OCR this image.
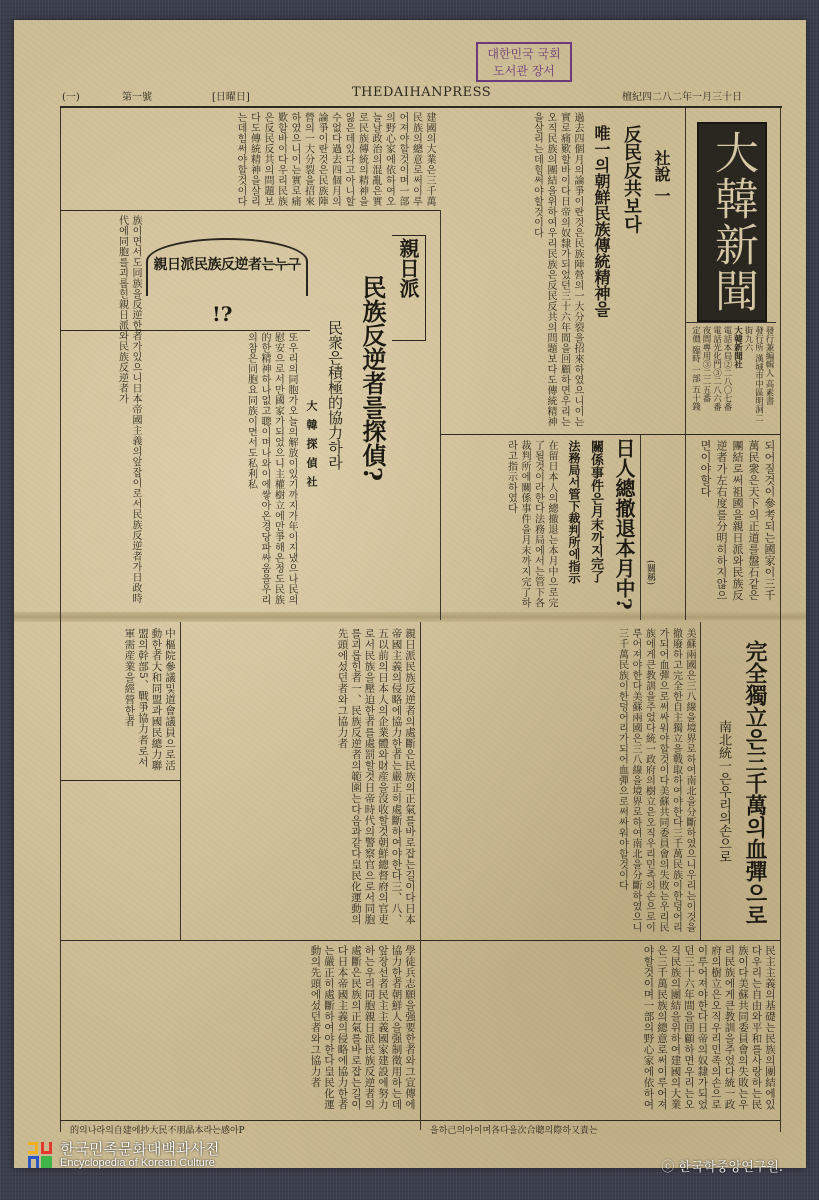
대한민국 국회
도서관 장서
(一)	第一號	[日曜日]	THEDAIHANPRESS	檀紀四二八二年一月三十日
大韓新聞
發行兼編輯人 高素書
發行所 漢城市中區明洞二街九六
大韓新聞社
電話本局②二八〇七番
電話光化門③二八六番
夜間專用③二二五番
定價 臨時 一部 五十錢
社說 一
反民反共보다
唯一의朝鮮民族傳統精神을
過去四個月의論爭이란것은民族陣營의一大分裂을招來하였으니이는實로痛歎할바이다日帝의奴隸가되었던三十六年間을回顧하면우리는오직民族의團結을위하여우리民族은反民反共의問題보다도傳統精神을살리는데힘써야할것이다
建國의大業은三千萬民族의總意로써이루어져야할것이며一部의野心家에依하여오늘날政治의混亂은實로民族傳統의精神을잃은데있다고아니할수없다過去四個月의論爭이란것은民族陣營의一大分裂을招來하였으니이는實로痛歎할바이다우리民族은反民反共의問題보다도傳統精神을살리는데힘써야할것이다
親日派民族反逆者는누구
!?
親日派
民族反逆者를探偵?
民衆은積極的協力하라
大韓探偵社
또우리의同胞가오늘의解放이있기까지가年이지냈으나民의慰安으로서만國家가되었으니主權樹立에만爭해온정도民族的한精神하나없고聰이며나와이에쌓아온경당파싸움을우리의참은同胞요同族이면서도私利私
族이면서도同族을反逆한者가있으니日本帝國主義의앞잡이로서民族反逆者가日政時代에同胞를괴롭힌親日派와民族反逆者가
日人總撤退本月中?
關係事件은月末까지完了
法務局서管下裁判所에指示
在留日本人의總撤退는本月中으로完了될것이라한다法務局에서는管下各裁判所에關係事件을月末까지完了하라고指示하였다	되어질것이參考되는國家이三千萬民衆은天下의正道를盤石같은團結로써祖國을親日派와民族反逆者가左右度를分明히하지않으면이야할다
(關稱)
完全獨立은三千萬의血彈으로
南北統一은우리의손으로
美蘇兩國은三八線을境界로하여南北을分斷하였으니우리는이것을撤廢하고完全한自主獨立을戰取하여야한다三千萬民族이한덩어리가되어血彈으로써싸워야할것이다美蘇共同委員會의失敗는우리民族에게큰教訓을주었다統一政府의樹立은오직우리민족의손으로이루어져야한다美蘇兩國은三八線을境界로하여南北을分斷하였으니三千萬民族이한덩어리가되어血彈으로써싸워야할것이다
親日派民族反逆者의處斷은民族의正氣를바로잡는길이다日本帝國主義의侵略에協力한者는嚴正히處斷하여야한다三、八、五以前의日本人의企業體와財産을沒收할것朝鮮總督府의官吏로서民族을壓迫한者를處罰할것日帝時代의警察官으로서同胞를괴롭힌者一、民族反逆者의範圍는다음과같다皇民化運動의先頭에섰던者와그協力者
中樞院參議및道會議員으로活動한者大和同盟과國民總力聯盟의幹部5、戰爭協力者로서軍需産業을經營한者
民主主義의基礎는民族의團結에있다우리는自由와平和를사랑하는民族이다美蘇共同委員會의失敗는우리民族에게큰教訓을주었다統一政府의樹立은오직우리민족의손으로이루어져야한다日帝의奴隸가되었던三十六年間을回顧하면우리는오직民族의團結을위하여建國의大業은三千萬民族의總意로써이루어져야할것이며一部의野心家에依하여
學徒兵志願을强要한者와그宣傳에協力한者朝鮮人을强制徵用하는데앞장선者民主主義國家建設에努力하는우리同胞親日派民族反逆者의處斷은民族의正氣를바로잡는길이다日本帝國主義의侵略에協力한者는嚴正히處斷하여야한다皇民化運動의先頭에섰던者와그協力者
的의나라의自建에抄大民不朋晶本라는感아P	을하己의아이며各다을次合聰의際하又貴는
한국민족문화대백과사전
Encyclopedia of Korean Culture	ⓒ 한국학중앙연구원.
